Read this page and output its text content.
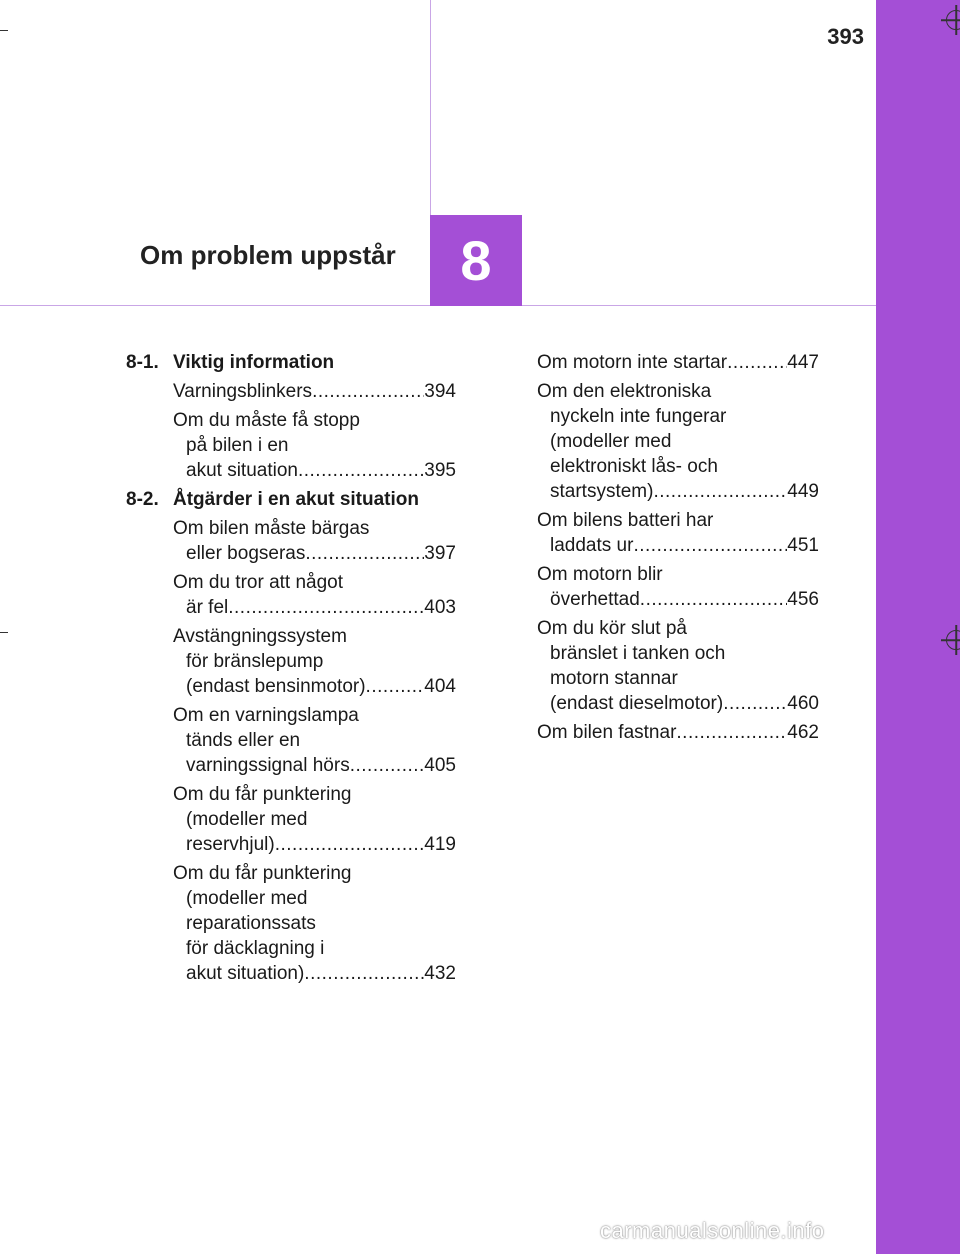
393
8
Om problem uppstår
8-1. Viktig information
Varningsblinkers .....	394
Om du måste få stopp
på bilen i en
akut situation .....	395
8-2. Åtgärder i en akut situation
Om bilen måste bärgas
eller bogseras .....	397
Om du tror att något
är fel .....	403
Avstängningssystem
för bränslepump
(endast bensinmotor) .....	404
Om en varningslampa
tänds eller en
varningssignal hörs .....	405
Om du får punktering
(modeller med
reservhjul) .....	419
Om du får punktering
(modeller med
reparationssats
för däcklagning i
akut situation) .....	432
Om motorn inte startar .....	447
Om den elektroniska
nyckeln inte fungerar
(modeller med
elektroniskt lås- och
startsystem) .....	449
Om bilens batteri har
laddats ur .....	451
Om motorn blir
överhettad .....	456
Om du kör slut på
bränslet i tanken och
motorn stannar
(endast dieselmotor) .....	460
Om bilen fastnar .....	462
carmanualsonline.info
